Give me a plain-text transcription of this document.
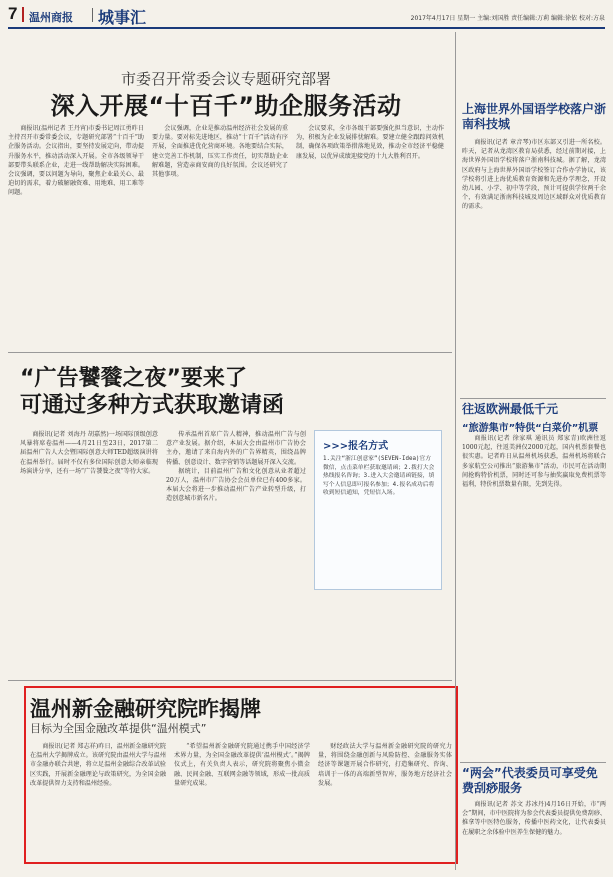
7 温州商报 城事汇	2017年4月17日 星期一 主编:刘国胜 责任编辑:万莉 编辑:徐依 校对:方泉
市委召开常委会议专题研究部署
深入开展“十百千”助企服务活动

商报讯(温州记者 王丹宵)市委书记周江勇昨日主持召开市委常委会议，专题研究部署“十百千”助企服务活动。会议指出，要坚持发展定向，带动提升服务水平，推动活动深入开展。全市各级领导干部要带头联系企业，走进一线帮助解决实际困难。会议强调，要以问题为导向，聚焦企业最关心、最迫切的需求，着力破解融资难、用地难、用工难等问题。

会议强调，企业是推动温州经济社会发展的重要力量。要对标先进地区，推动“十百千”活动有序开展，全面推进优化营商环境。各地要结合实际，建立完善工作机制，压实工作责任，切实帮助企业解难题，营造亲商安商的良好氛围。会议还研究了其他事项。

会议要求，全市各级干部要强化担当意识，主动作为，积极为企业发展排忧解难。要建立健全跟踪问效机制，确保各项政策举措落地见效，推动全市经济平稳健康发展，以优异成绩迎接党的十九大胜利召开。

“广告饕餮之夜”要来了
可通过多种方式获取邀请函

商报讯(记者 刘海丹 胡嘉然)一场国际顶级创意风暴将席卷温州——4月21日至23日，2017第二届温州广告人大会暨国际创意大师TED超级演讲将在温州举行。届时不仅有多位国际创意大师亲临现场演讲分享，还有一场“广告饕餮之夜”等待大家。

传承温州首席广告人精神，推动温州广告与创意产业发展。据介绍，本届大会由温州市广告协会主办，邀请了来自海内外的广告界精英，围绕品牌传播、创意设计、数字营销等话题展开深入交流。

据统计，目前温州广告和文化创意从业者超过20万人，温州市广告协会会员单位已有400多家。本届大会将进一步推动温州广告产业转型升级，打造创意城市新名片。

>>>报名方式
1.关注“浙江创意家”(SEVEN-Idea)官方微信，点击菜单栏获取邀请函；2.拨打大会热线报名咨询；3.进入大会邀请函链接，填写个人信息即可报名参加；4.报名成功后将收到短信通知，凭短信入场。
温州新金融研究院昨揭牌
目标为全国金融改革提供“温州模式”

商报讯(记者 郑志祥)昨日，温州新金融研究院在温州大学揭牌成立。该研究院由温州大学与温州市金融办联合共建，将立足温州金融综合改革试验区实践，开展新金融理论与政策研究，为全国金融改革提供智力支持和温州经验。

“希望温州新金融研究院通过携手中国经济学术界力量，为全国金融改革提供‘温州模式’。”揭牌仪式上，有关负责人表示，研究院将聚焦小微金融、民间金融、互联网金融等领域，形成一批高质量研究成果。

财经政法大学与温州新金融研究院的研究力量，将围绕金融创新与风险防控、金融服务实体经济等课题开展合作研究，打造集研究、咨询、培训于一体的高端新型智库，服务地方经济社会发展。

上海世界外国语学校落户浙南科技城

商报讯(记者 章音琴)市区东部又引进一所名校。昨天，记者从龙湾区教育局获悉，经过前期对接，上海世界外国语学校将落户浙南科技城。据了解，龙湾区政府与上海世界外国语学校签订合作办学协议，该学校将引进上海优质教育资源和先进办学理念，开设幼儿园、小学、初中等学段，预计可提供学位两千余个，有效满足浙南科技城及周边区域群众对优质教育的需求。

往返欧洲最低千元
“旅游集市”特供“白菜价”机票

商报讯(记者 徐家琪 通讯员 郑家青)欧洲往返1000元起，往返美洲仅2000元起，国内机票套餐也很实惠。记者昨日从温州机场获悉，温州机场将联合多家航空公司推出“旅游集市”活动，市民可在活动期间抢购特价机票，同时还可参与抽奖赢取免费机票等福利，特价机票数量有限，先到先得。

“两会”代表委员可享受免费刮痧服务

商报讯(记者 苏文 苏冰丹)4月16日开始，市“两会”期间，市中医院将为参会代表委员提供免费刮痧、推拿等中医特色服务，传播中医药文化，让代表委员在履职之余体验中医养生保健的魅力。
